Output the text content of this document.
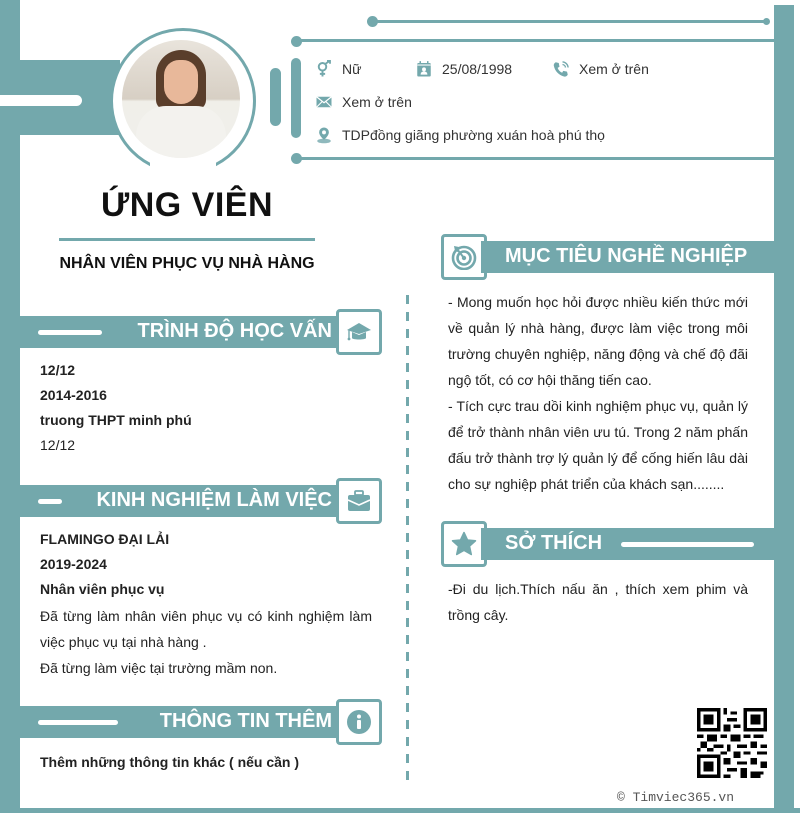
Nữ	25/08/1998	Xem ở trên
Xem ở trên
TDPđồng giãng phường xuán hoà phú thọ
ỨNG VIÊN
NHÂN VIÊN PHỤC VỤ NHÀ HÀNG
TRÌNH ĐỘ HỌC VẤN
12/12
2014-2016
truong THPT minh phú
12/12
KINH NGHIỆM LÀM VIỆC
FLAMINGO ĐẠI LẢI
2019-2024
Nhân viên phục vụ
Đã từng làm nhân viên phục vụ có kinh nghiệm làm việc phục vụ tại nhà hàng .
Đã từng làm việc tại trường mầm non.
THÔNG TIN THÊM
Thêm những thông tin khác ( nếu cần )
MỤC TIÊU NGHỀ NGHIỆP
- Mong muốn học hỏi được nhiều kiến thức mới về quản lý nhà hàng, được làm việc trong môi trường chuyên nghiệp, năng động và chế độ đãi ngộ tốt, có cơ hội thăng tiến cao.
- Tích cực trau dồi kinh nghiệm phục vụ, quản lý để trở thành nhân viên ưu tú. Trong 2 năm phấn đấu trở thành trợ lý quản lý để cống hiến lâu dài cho sự nghiệp phát triển của khách sạn........
SỞ THÍCH
-Đi du lịch.Thích nấu ăn , thích xem phim và trồng cây.
© Timviec365.vn
